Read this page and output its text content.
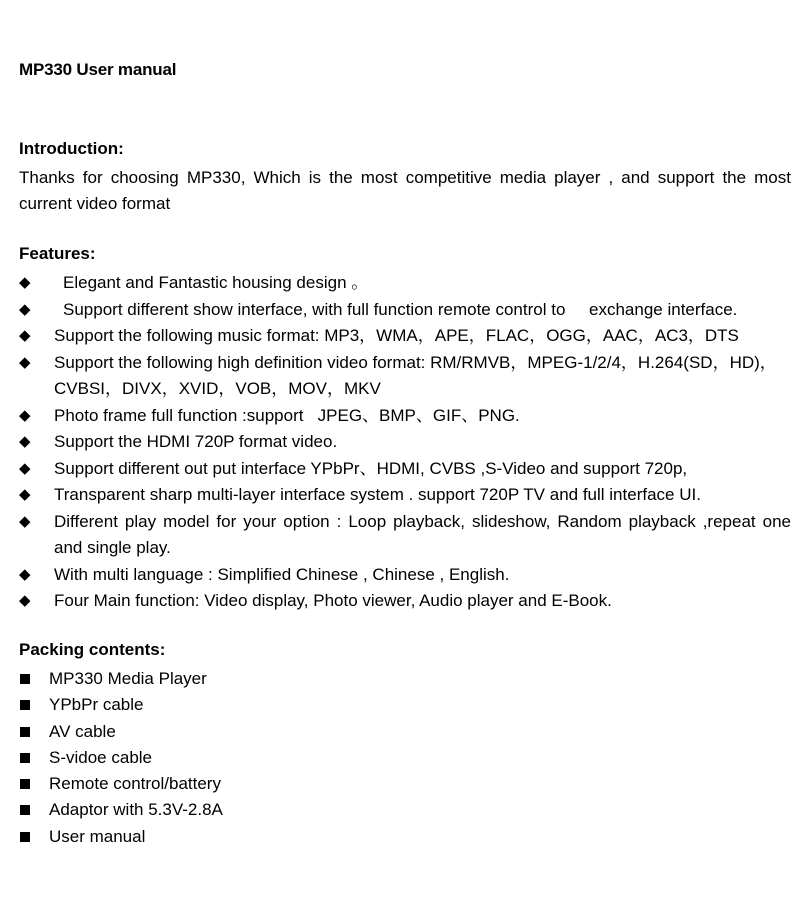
MP330 User manual
Introduction:
Thanks for choosing MP330, Which is the most competitive media player , and support the most current video format
Features:
◆ Elegant and Fantastic housing design 。
◆ Support different show interface, with full function remote control to     exchange interface.
◆ Support the following music format: MP3，WMA，APE，FLAC，OGG，AAC，AC3，DTS
◆ Support the following high definition video format: RM/RMVB，MPEG-1/2/4，H.264(SD，HD)，CVBSI，DIVX，XVID，VOB，MOV，MKV
◆ Photo frame full function :support   JPEG、BMP、GIF、PNG.
◆ Support the HDMI 720P format video.
◆ Support different out put interface YPbPr、HDMI, CVBS ,S-Video and support 720p,
◆ Transparent sharp multi-layer interface system . support 720P TV and full interface UI.
◆ Different play model for your option : Loop playback, slideshow, Random playback ,repeat one and single play.
◆ With multi language : Simplified Chinese , Chinese , English.
◆ Four Main function: Video display, Photo viewer, Audio player and E-Book.
Packing contents:
MP330 Media Player
YPbPr cable
AV cable
S-vidoe cable
Remote control/battery
Adaptor with 5.3V-2.8A
User manual
